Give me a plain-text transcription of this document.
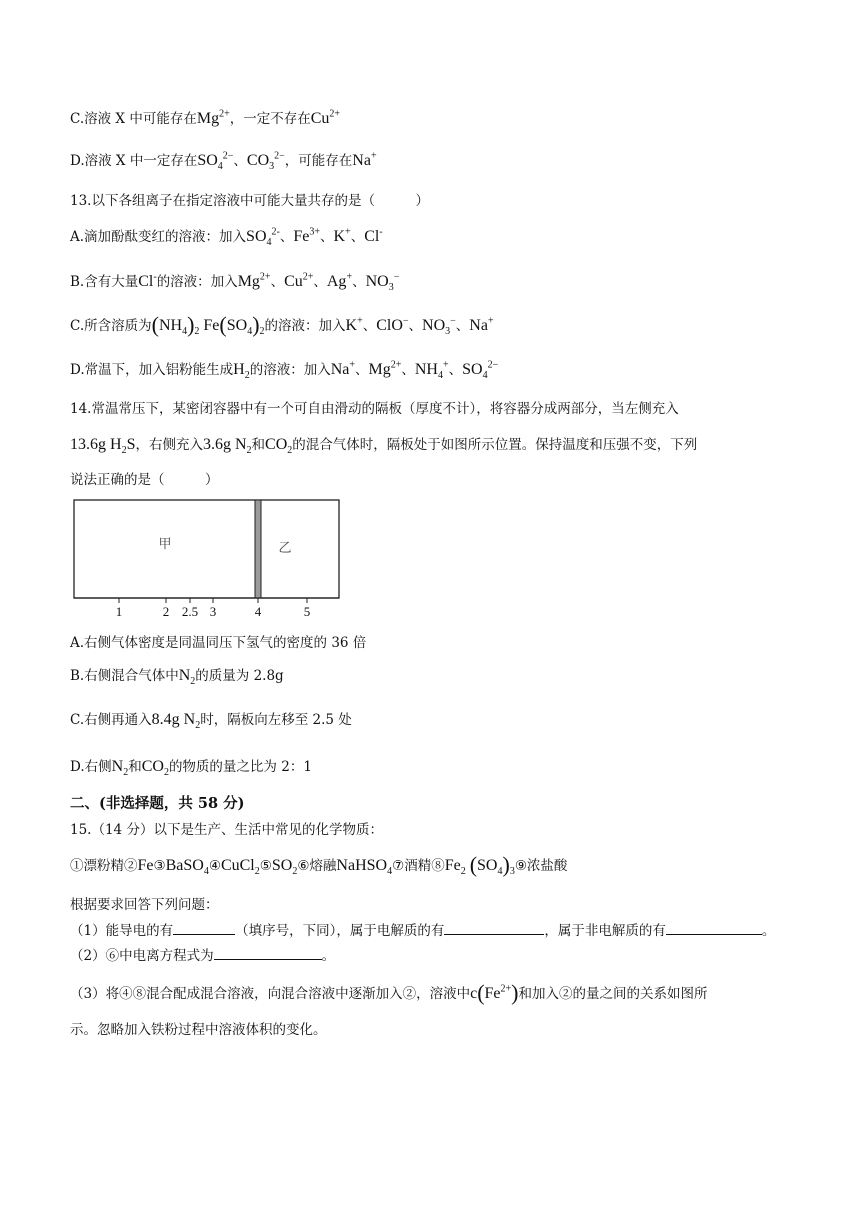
C.溶液 X 中可能存在$Mg^{2+}$，一定不存在$Cu^{2+}$
D.溶液 X 中一定存在$SO_4^{2-}$、$CO_3^{2-}$，可能存在Na+
13.以下各组离子在指定溶液中可能大量共存的是（　　　）
A.滴加酚酞变红的溶液：加入$SO_4^{2-}$、$Fe^{3+}$、K+、Cl-
B.含有大量Cl-的溶液：加入$Mg^{2+}$、$Cu^{2+}$、Ag+、$NO_3^-$
C.所含溶质为$(NH_4)_2$ $Fe(SO_4)_2$的溶液：加入K+、ClO−、$NO_3^-$、Na+
D.常温下，加入铝粉能生成$H_2$的溶液：加入Na+、$Mg^{2+}$、$NH_4^+$、$SO_4^{2-}$
14.常温常压下，某密闭容器中有一个可自由滑动的隔板（厚度不计），将容器分成两部分，当左侧充入
13.6g $H_2S$，右侧充入3.6g $N_2$和$CO_2$的混合气体时，隔板处于如图所示位置。保持温度和压强不变，下列
说法正确的是（　　　）
甲	乙
1	2 2.5 3	4	5
A.右侧气体密度是同温同压下氢气的密度的 36 倍
B.右侧混合气体中$N_2$的质量为 2.8g
C.右侧再通入8.4g $N_2$时，隔板向左移至 2.5 处
D.右侧$N_2$和$CO_2$的物质的量之比为 2：1
二、(非选择题，共 58 分)
15.（14 分）以下是生产、生活中常见的化学物质：
①漂粉精$②Fe③BaSO_4④CuCl_2⑤SO_2⑥$熔融NaHSO$_4$⑦酒精$⑧Fe_2$ $(SO_4)_3⑨$浓盐酸
根据要求回答下列问题：
（1）能导电的有	（填序号，下同），属于电解质的有	，属于非电解质的有	。
（2）⑥中电离方程式为	。
（3）将④⑧混合配成混合溶液，向混合溶液中逐渐加入②，溶液中$c(Fe^{2+})$和加入②的量之间的关系如图所
示。忽略加入铁粉过程中溶液体积的变化。
